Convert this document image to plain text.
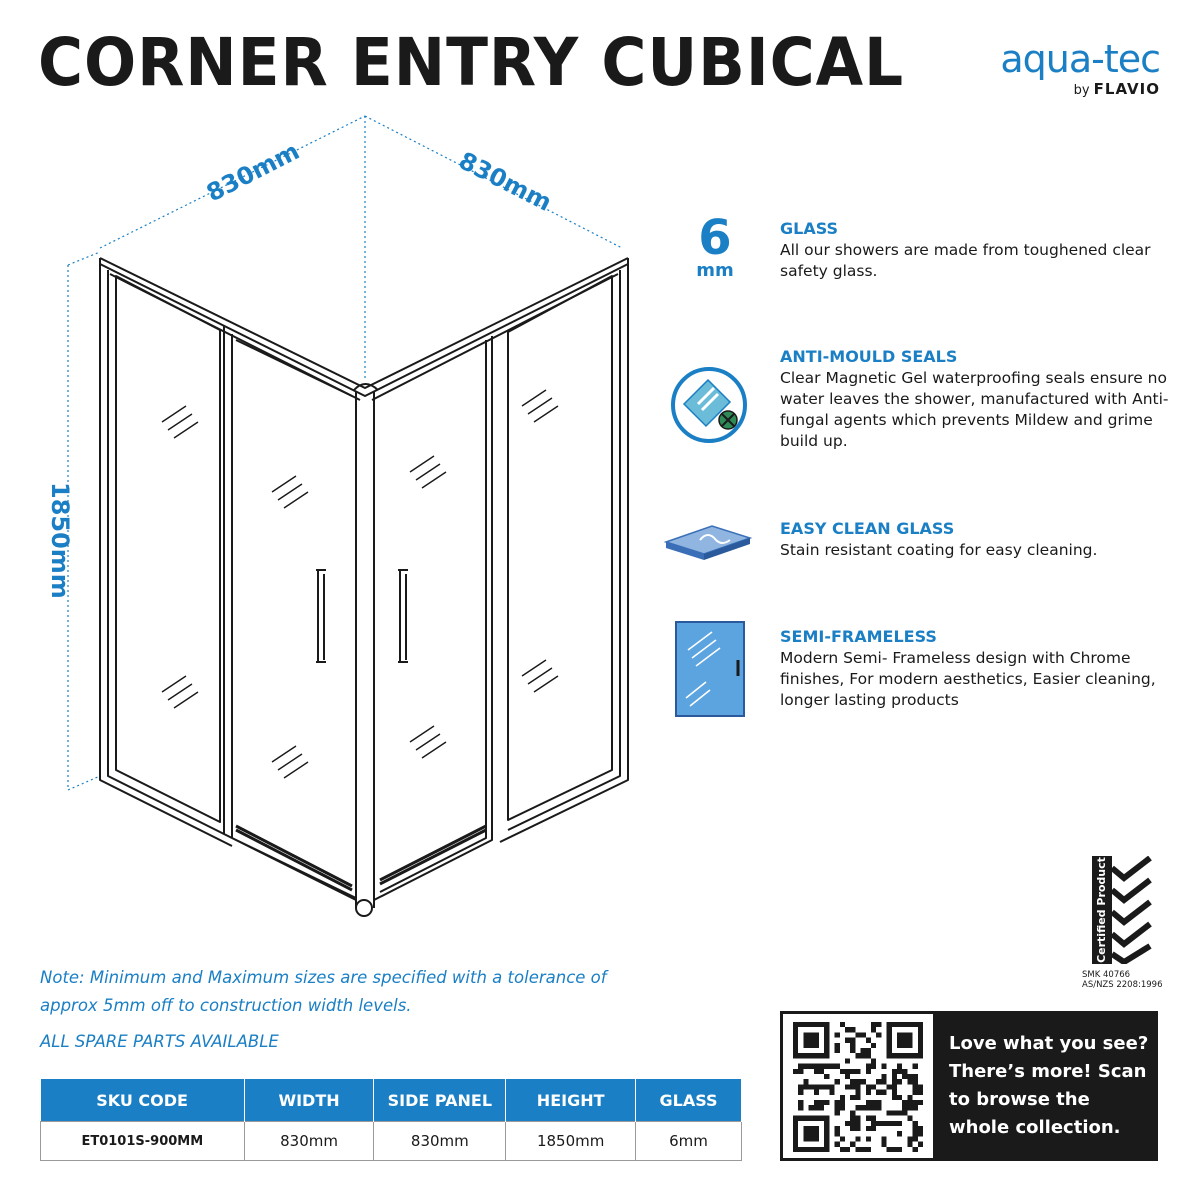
CORNER ENTRY CUBICAL	aqua-tec
by FLAVIO
830mm	830mm
1850mm
6
mm
GLASS
All our showers are made from toughened clear safety glass.
ANTI-MOULD SEALS
Clear Magnetic Gel waterproofing seals ensure no water leaves the shower, manufactured with Anti-fungal agents which prevents Mildew and grime build up.
EASY CLEAN GLASS
Stain resistant coating for easy cleaning.
SEMI-FRAMELESS
Modern Semi- Frameless design with Chrome finishes, For modern aesthetics, Easier cleaning, longer lasting products
Certified Product
SMK 40766
AS/NZS 2208:1996
Note: Minimum and Maximum sizes are specified with a tolerance of approx 5mm off to construction width levels.
ALL SPARE PARTS AVAILABLE
SKU CODE	WIDTH	SIDE PANEL	HEIGHT	GLASS
ET0101S-900MM	830mm	830mm	1850mm	6mm
Love what you see?
There’s more! Scan
to browse the
whole collection.
